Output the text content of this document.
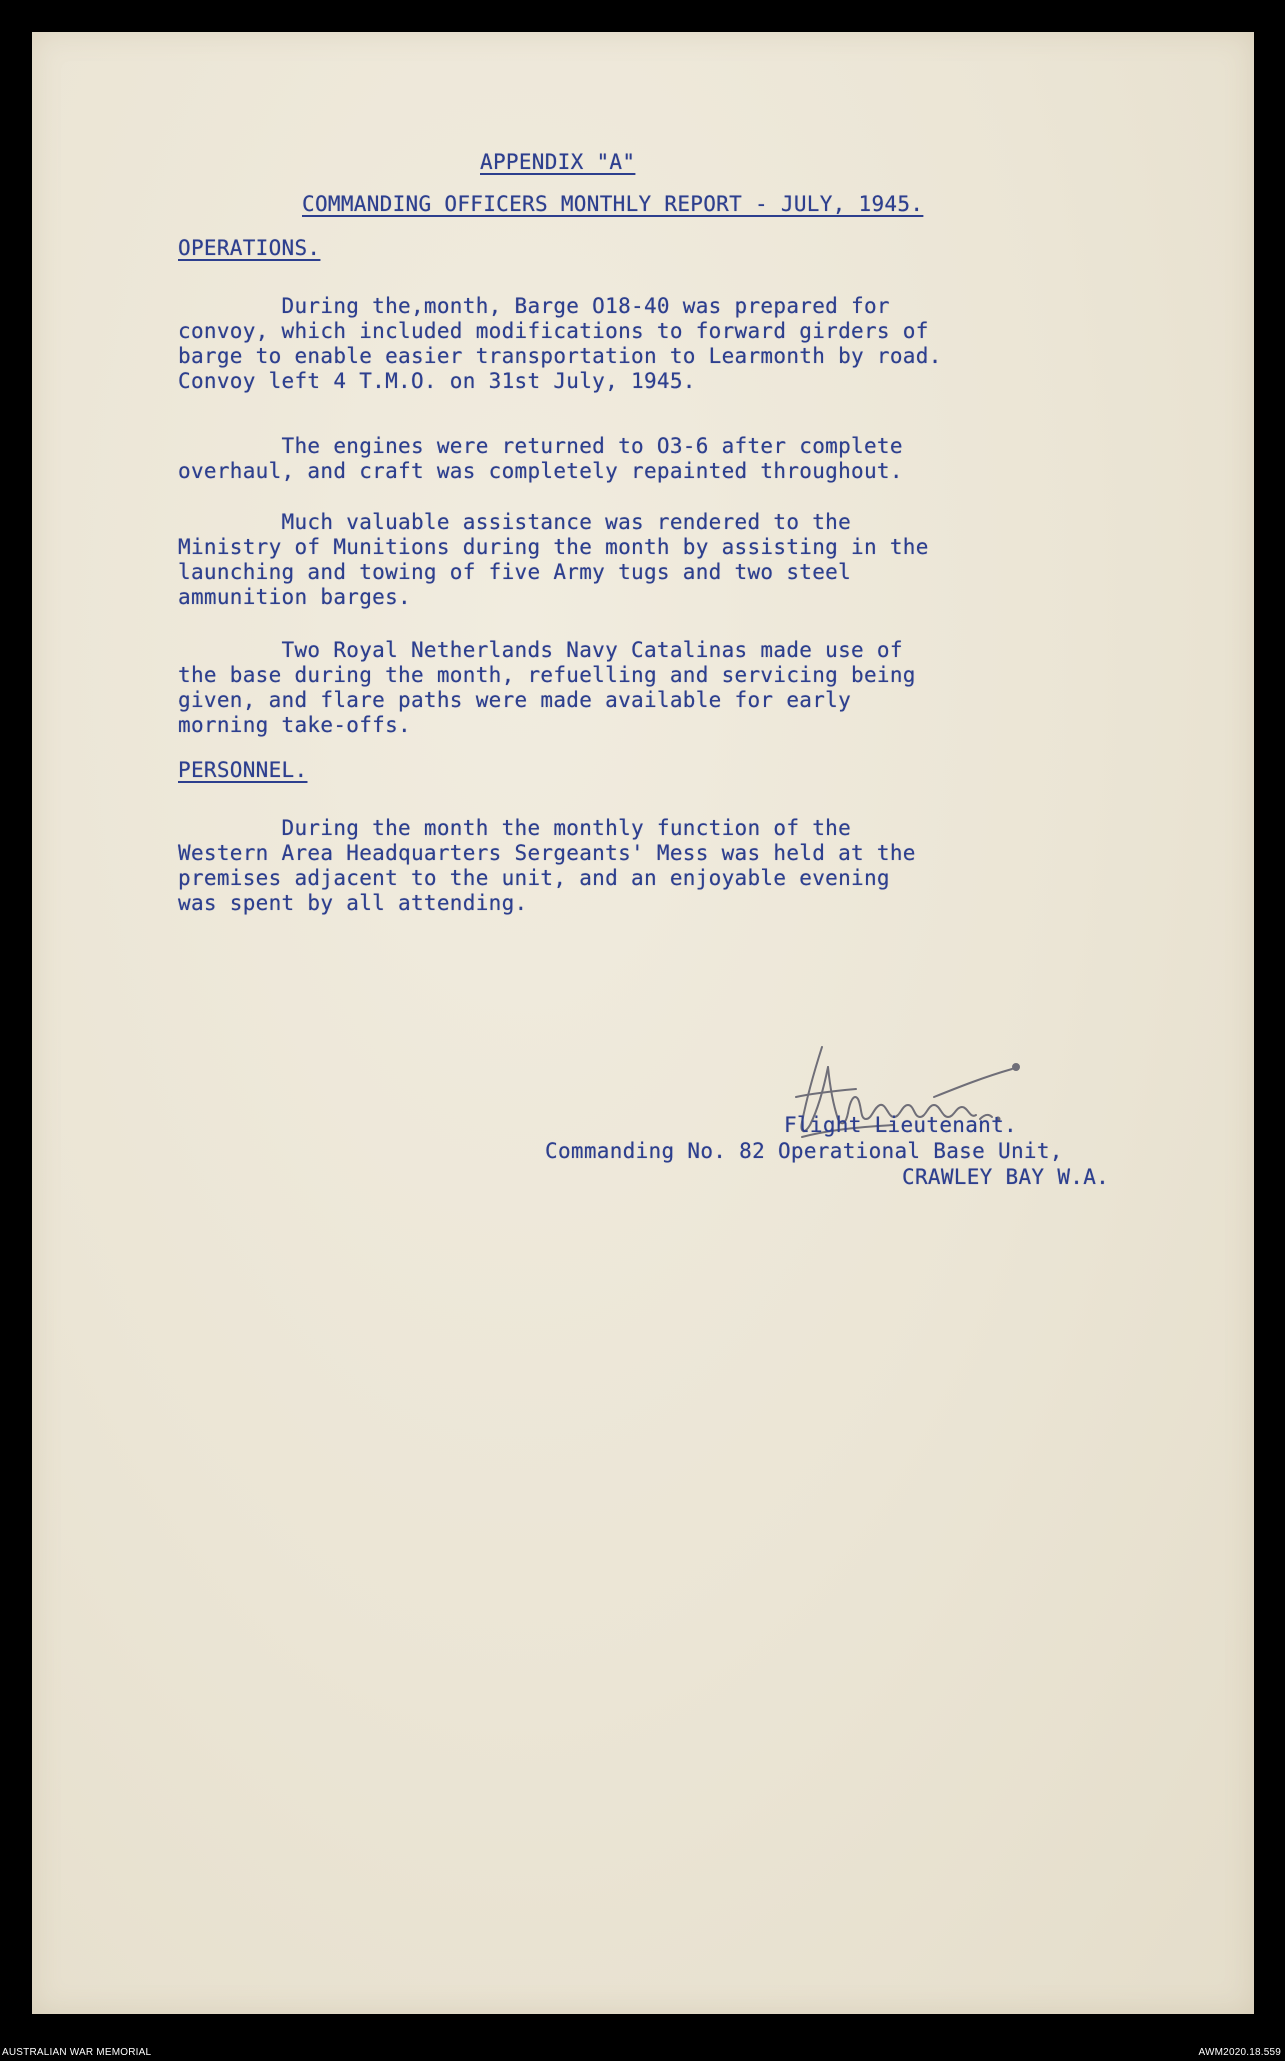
APPENDIX "A"
COMMANDING OFFICERS MONTHLY REPORT - JULY, 1945.
OPERATIONS.
During the,month, Barge O18-40 was prepared for
convoy, which included modifications to forward girders of
barge to enable easier transportation to Learmonth by road.
Convoy left 4 T.M.O. on 31st July, 1945.
The engines were returned to O3-6 after complete
overhaul, and craft was completely repainted throughout.
Much valuable assistance was rendered to the
Ministry of Munitions during the month by assisting in the
launching and towing of five Army tugs and two steel
ammunition barges.
Two Royal Netherlands Navy Catalinas made use of
the base during the month, refuelling and servicing being
given, and flare paths were made available for early
morning take-offs.
PERSONNEL.
During the month the monthly function of the
Western Area Headquarters Sergeants' Mess was held at the
premises adjacent to the unit, and an enjoyable evening
was spent by all attending.
Flight Lieutenant.
Commanding No. 82 Operational Base Unit,
CRAWLEY BAY W.A.
AUSTRALIAN WAR MEMORIAL	AWM2020.18.559
